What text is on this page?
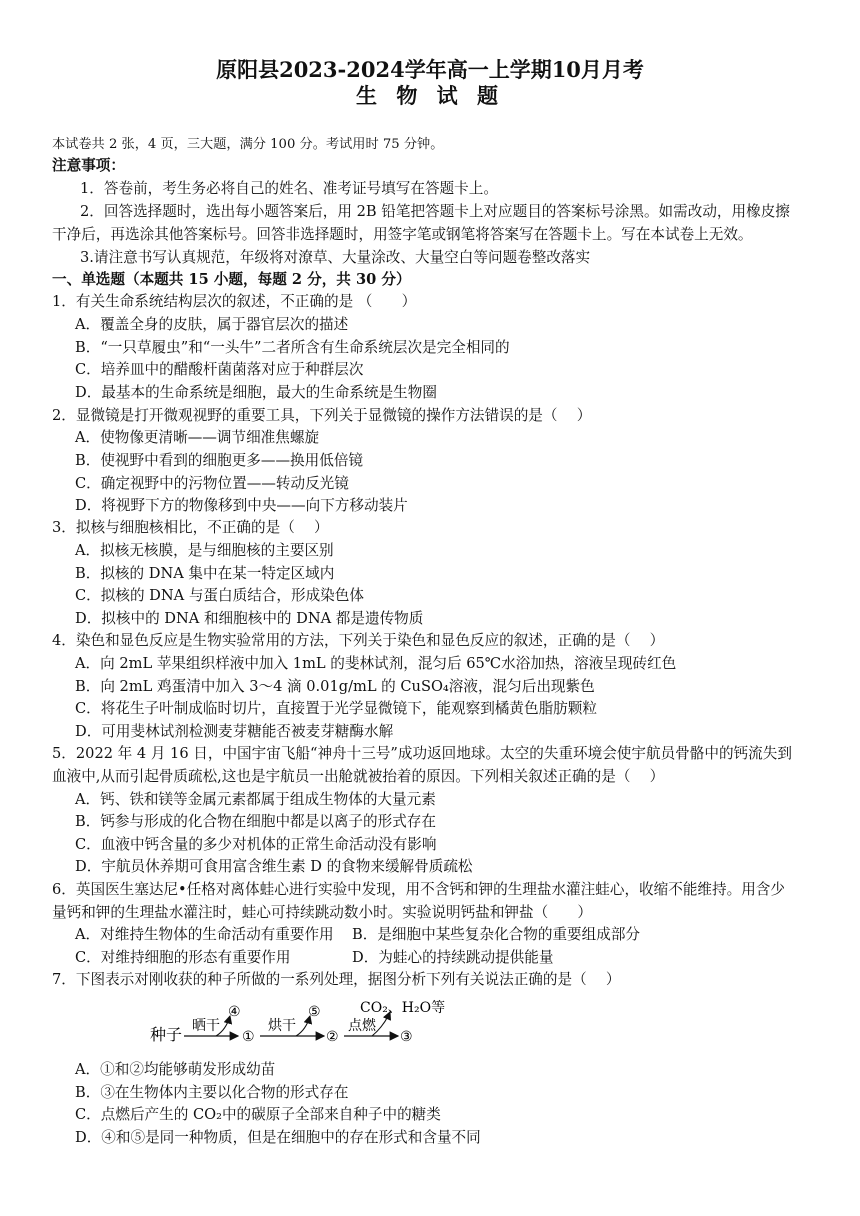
原阳县2023-2024学年高一上学期10月月考
生 物 试 题
本试卷共 2 张，4 页，三大题，满分 100 分。考试用时 75 分钟。
注意事项：
1．答卷前，考生务必将自己的姓名、准考证号填写在答题卡上。
2．回答选择题时，选出每小题答案后，用 2B 铅笔把答题卡上对应题目的答案标号涂黑。如需改动，用橡皮擦
干净后，再选涂其他答案标号。回答非选择题时，用签字笔或钢笔将答案写在答题卡上。写在本试卷上无效。
3.请注意书写认真规范，年级将对潦草、大量涂改、大量空白等问题卷整改落实
一、单选题（本题共 15 小题，每题 2 分，共 30 分）
1．有关生命系统结构层次的叙述，不正确的是 （　　）
A．覆盖全身的皮肤，属于器官层次的描述
B．“一只草履虫”和“一头牛”二者所含有生命系统层次是完全相同的
C．培养皿中的醋酸杆菌菌落对应于种群层次
D．最基本的生命系统是细胞，最大的生命系统是生物圈
2．显微镜是打开微观视野的重要工具，下列关于显微镜的操作方法错误的是（　 ）
A．使物像更清晰——调节细准焦螺旋
B．使视野中看到的细胞更多——换用低倍镜
C．确定视野中的污物位置——转动反光镜
D．将视野下方的物像移到中央——向下方移动装片
3．拟核与细胞核相比，不正确的是（　 ）
A．拟核无核膜，是与细胞核的主要区别
B．拟核的 DNA 集中在某一特定区域内
C．拟核的 DNA 与蛋白质结合，形成染色体
D．拟核中的 DNA 和细胞核中的 DNA 都是遗传物质
4．染色和显色反应是生物实验常用的方法，下列关于染色和显色反应的叙述，正确的是（　 ）
A．向 2mL 苹果组织样液中加入 1mL 的斐林试剂，混匀后 65℃水浴加热，溶液呈现砖红色
B．向 2mL 鸡蛋清中加入 3～4 滴 0.01g/mL 的 CuSO₄溶液，混匀后出现紫色
C．将花生子叶制成临时切片，直接置于光学显微镜下，能观察到橘黄色脂肪颗粒
D．可用斐林试剂检测麦芽糖能否被麦芽糖酶水解
5．2022 年 4 月 16 日，中国宇宙飞船“神舟十三号”成功返回地球。太空的失重环境会使宇航员骨骼中的钙流失到
血液中,从而引起骨质疏松,这也是宇航员一出舱就被抬着的原因。下列相关叙述正确的是（　 ）
A．钙、铁和镁等金属元素都属于组成生物体的大量元素
B．钙参与形成的化合物在细胞中都是以离子的形式存在
C．血液中钙含量的多少对机体的正常生命活动没有影响
D．宇航员休养期可食用富含维生素 D 的食物来缓解骨质疏松
6．英国医生塞达尼•任格对离体蛙心进行实验中发现，用不含钙和钾的生理盐水灌注蛙心，收缩不能维持。用含少
量钙和钾的生理盐水灌注时，蛙心可持续跳动数小时。实验说明钙盐和钾盐（　　）
A．对维持生物体的生命活动有重要作用 B．是细胞中某些复杂化合物的重要组成部分
C．对维持细胞的形态有重要作用	D．为蛙心的持续跳动提供能量
7．下图表示对刚收获的种子所做的一系列处理，据图分析下列有关说法正确的是（　 ）
种子 晒干
④
①
烘干
⑤
②
点燃
CO₂、H₂O等
③
A．①和②均能够萌发形成幼苗
B．③在生物体内主要以化合物的形式存在
C．点燃后产生的 CO₂中的碳原子全部来自种子中的糖类
D．④和⑤是同一种物质，但是在细胞中的存在形式和含量不同
